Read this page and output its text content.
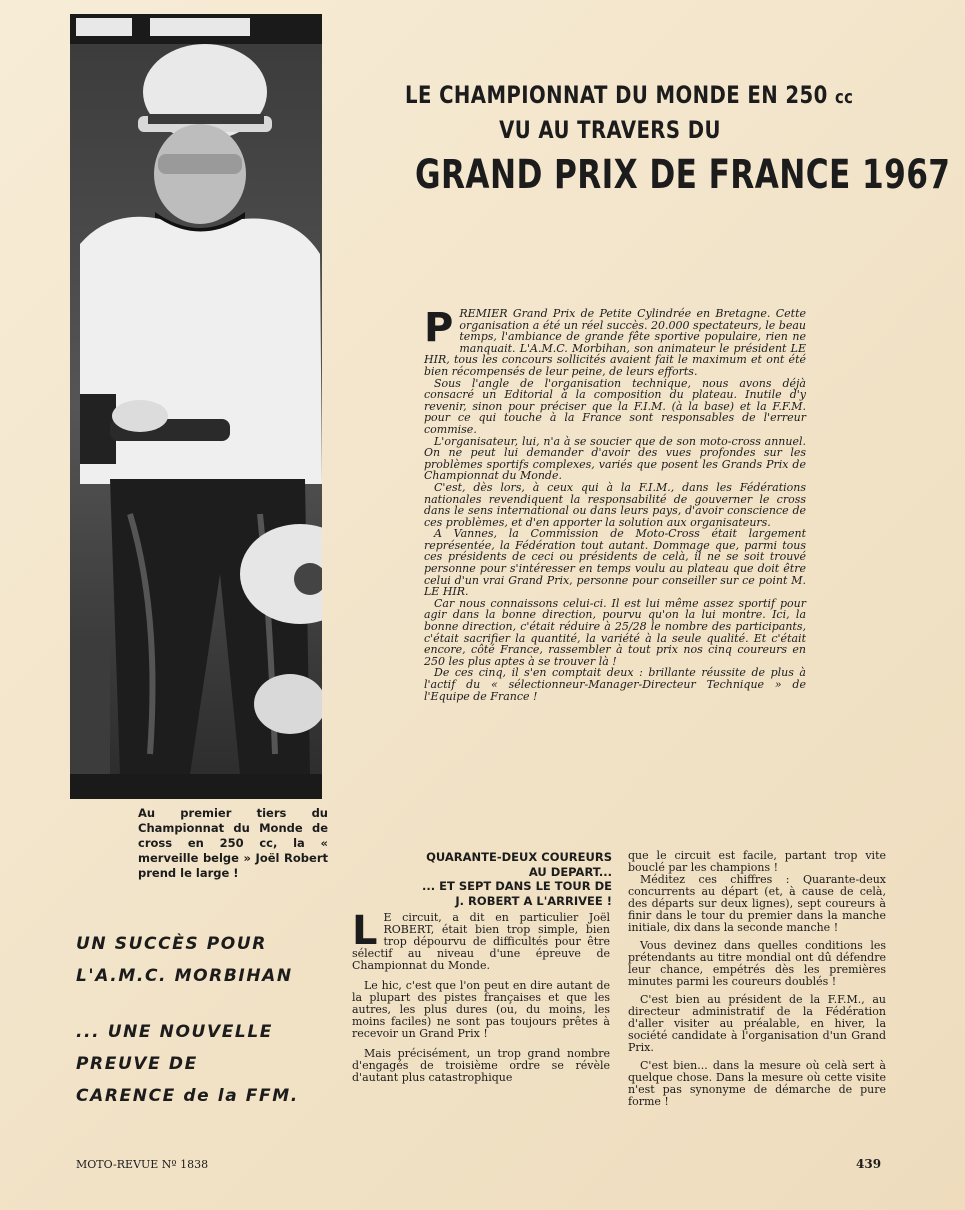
Au premier tiers du Championnat du Monde de cross en 250 cc, la « merveille belge » Joël Robert prend le large !
LE CHAMPIONNAT DU MONDE EN 250 cc
VU AU TRAVERS DU
GRAND PRIX DE FRANCE 1967

PREMIER Grand Prix de Petite Cylindrée en Bretagne. Cette organisation a été un réel succès. 20.000 spectateurs, le beau temps, l'ambiance de grande fête sportive populaire, rien ne manquait. L'A.M.C. Morbihan, son animateur le président LE HIR, tous les concours sollicités avaient fait le maximum et ont été bien récompensés de leur peine, de leurs efforts.

Sous l'angle de l'organisation technique, nous avons déjà consacré un Editorial à la composition du plateau. Inutile d'y revenir, sinon pour préciser que la F.I.M. (à la base) et la F.F.M. pour ce qui touche à la France sont responsables de l'erreur commise.

L'organisateur, lui, n'a à se soucier que de son moto-cross annuel. On ne peut lui demander d'avoir des vues profondes sur les problèmes sportifs complexes, variés que posent les Grands Prix de Championnat du Monde.

C'est, dès lors, à ceux qui à la F.I.M., dans les Fédérations nationales revendiquent la responsabilité de gouverner le cross dans le sens international ou dans leurs pays, d'avoir conscience de ces problèmes, et d'en apporter la solution aux organisateurs.

A Vannes, la Commission de Moto-Cross était largement représentée, la Fédération tout autant. Dommage que, parmi tous ces présidents de ceci ou présidents de celà, il ne se soit trouvé personne pour s'intéresser en temps voulu au plateau que doit être celui d'un vrai Grand Prix, personne pour conseiller sur ce point M. LE HIR.

Car nous connaissons celui-ci. Il est lui même assez sportif pour agir dans la bonne direction, pourvu qu'on la lui montre. Ici, la bonne direction, c'était réduire à 25/28 le nombre des participants, c'était sacrifier la quantité, la variété à la seule qualité. Et c'était encore, côté France, rassembler à tout prix nos cinq coureurs en 250 les plus aptes à se trouver là !

De ces cinq, il s'en comptait deux : brillante réussite de plus à l'actif du « sélectionneur-Manager-Directeur Technique » de l'Equipe de France !

QUARANTE-DEUX COUREURS
AU DEPART...
... ET SEPT DANS LE TOUR DE
J. ROBERT A L'ARRIVEE !

L E circuit, a dit en particulier Joël ROBERT, était bien trop simple, bien trop dépourvu de difficultés pour être sélectif au niveau d'une épreuve de Championnat du Monde.

Le hic, c'est que l'on peut en dire autant de la plupart des pistes françaises et que les autres, les plus dures (ou, du moins, les moins faciles) ne sont pas toujours prêtes à recevoir un Grand Prix !

Mais précisément, un trop grand nombre d'engagés de troisième ordre se révèle d'autant plus catastrophique

que le circuit est facile, partant trop vite bouclé par les champions !

Méditez ces chiffres : Quarante-deux concurrents au départ (et, à cause de celà, des départs sur deux lignes), sept coureurs à finir dans le tour du premier dans la manche initiale, dix dans la seconde manche !

Vous devinez dans quelles conditions les prétendants au titre mondial ont dû défendre leur chance, empétrés dès les premières minutes parmi les coureurs doublés !

C'est bien au président de la F.F.M., au directeur administratif de la Fédération d'aller visiter au préalable, en hiver, la société candidate à l'organisation d'un Grand Prix.

C'est bien... dans la mesure où celà sert à quelque chose. Dans la mesure où cette visite n'est pas synonyme de démarche de pure forme !

UN SUCCÈS POUR
L'A.M.C. MORBIHAN
... UNE NOUVELLE
PREUVE DE
CARENCE de la FFM.
MOTO-REVUE Nº 1838	439
